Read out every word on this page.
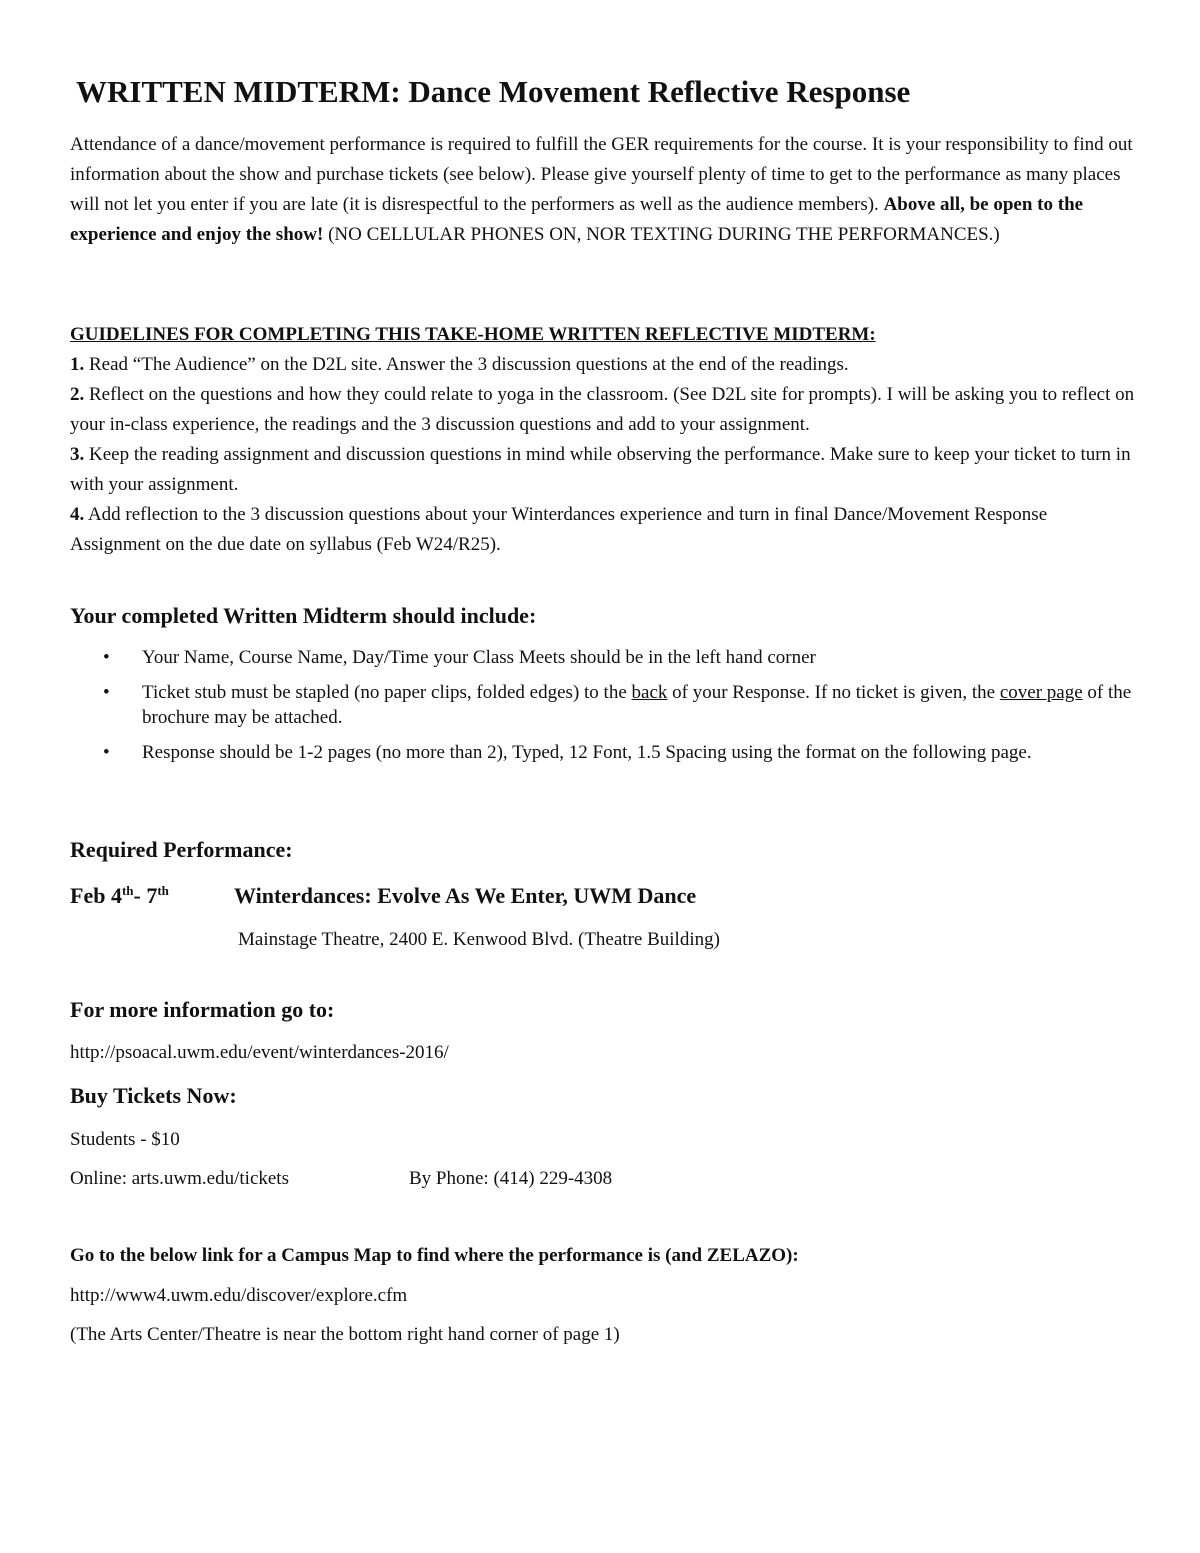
WRITTEN MIDTERM: Dance Movement Reflective Response

Attendance of a dance/movement performance is required to fulfill the GER requirements for the course. It is your responsibility to find out information about the show and purchase tickets (see below). Please give yourself plenty of time to get to the performance as many places will not let you enter if you are late (it is disrespectful to the performers as well as the audience members). Above all, be open to the experience and enjoy the show! (NO CELLULAR PHONES ON, NOR TEXTING DURING THE PERFORMANCES.)

GUIDELINES FOR COMPLETING THIS TAKE-HOME WRITTEN REFLECTIVE MIDTERM:

1. Read “The Audience” on the D2L site. Answer the 3 discussion questions at the end of the readings.

2. Reflect on the questions and how they could relate to yoga in the classroom. (See D2L site for prompts). I will be asking you to reflect on your in-class experience, the readings and the 3 discussion questions and add to your assignment.

3. Keep the reading assignment and discussion questions in mind while observing the performance. Make sure to keep your ticket to turn in with your assignment.

4. Add reflection to the 3 discussion questions about your Winterdances experience and turn in final Dance/Movement Response Assignment on the due date on syllabus (Feb W24/R25).

Your completed Written Midterm should include:
• Your Name, Course Name, Day/Time your Class Meets should be in the left hand corner
• Ticket stub must be stapled (no paper clips, folded edges) to the back of your Response. If no ticket is given, the cover page of the brochure may be attached.
• Response should be 1-2 pages (no more than 2), Typed, 12 Font, 1.5 Spacing using the format on the following page.
Required Performance:

Feb 4th- 7th	Winterdances: Evolve As We Enter, UWM Dance

Mainstage Theatre, 2400 E. Kenwood Blvd. (Theatre Building)

For more information go to:
http://psoacal.uwm.edu/event/winterdances-2016/
Buy Tickets Now:

Students - $10

Online: arts.uwm.edu/tickets	By Phone: (414) 229-4308

Go to the below link for a Campus Map to find where the performance is (and ZELAZO):

http://www4.uwm.edu/discover/explore.cfm

(The Arts Center/Theatre is near the bottom right hand corner of page 1)
